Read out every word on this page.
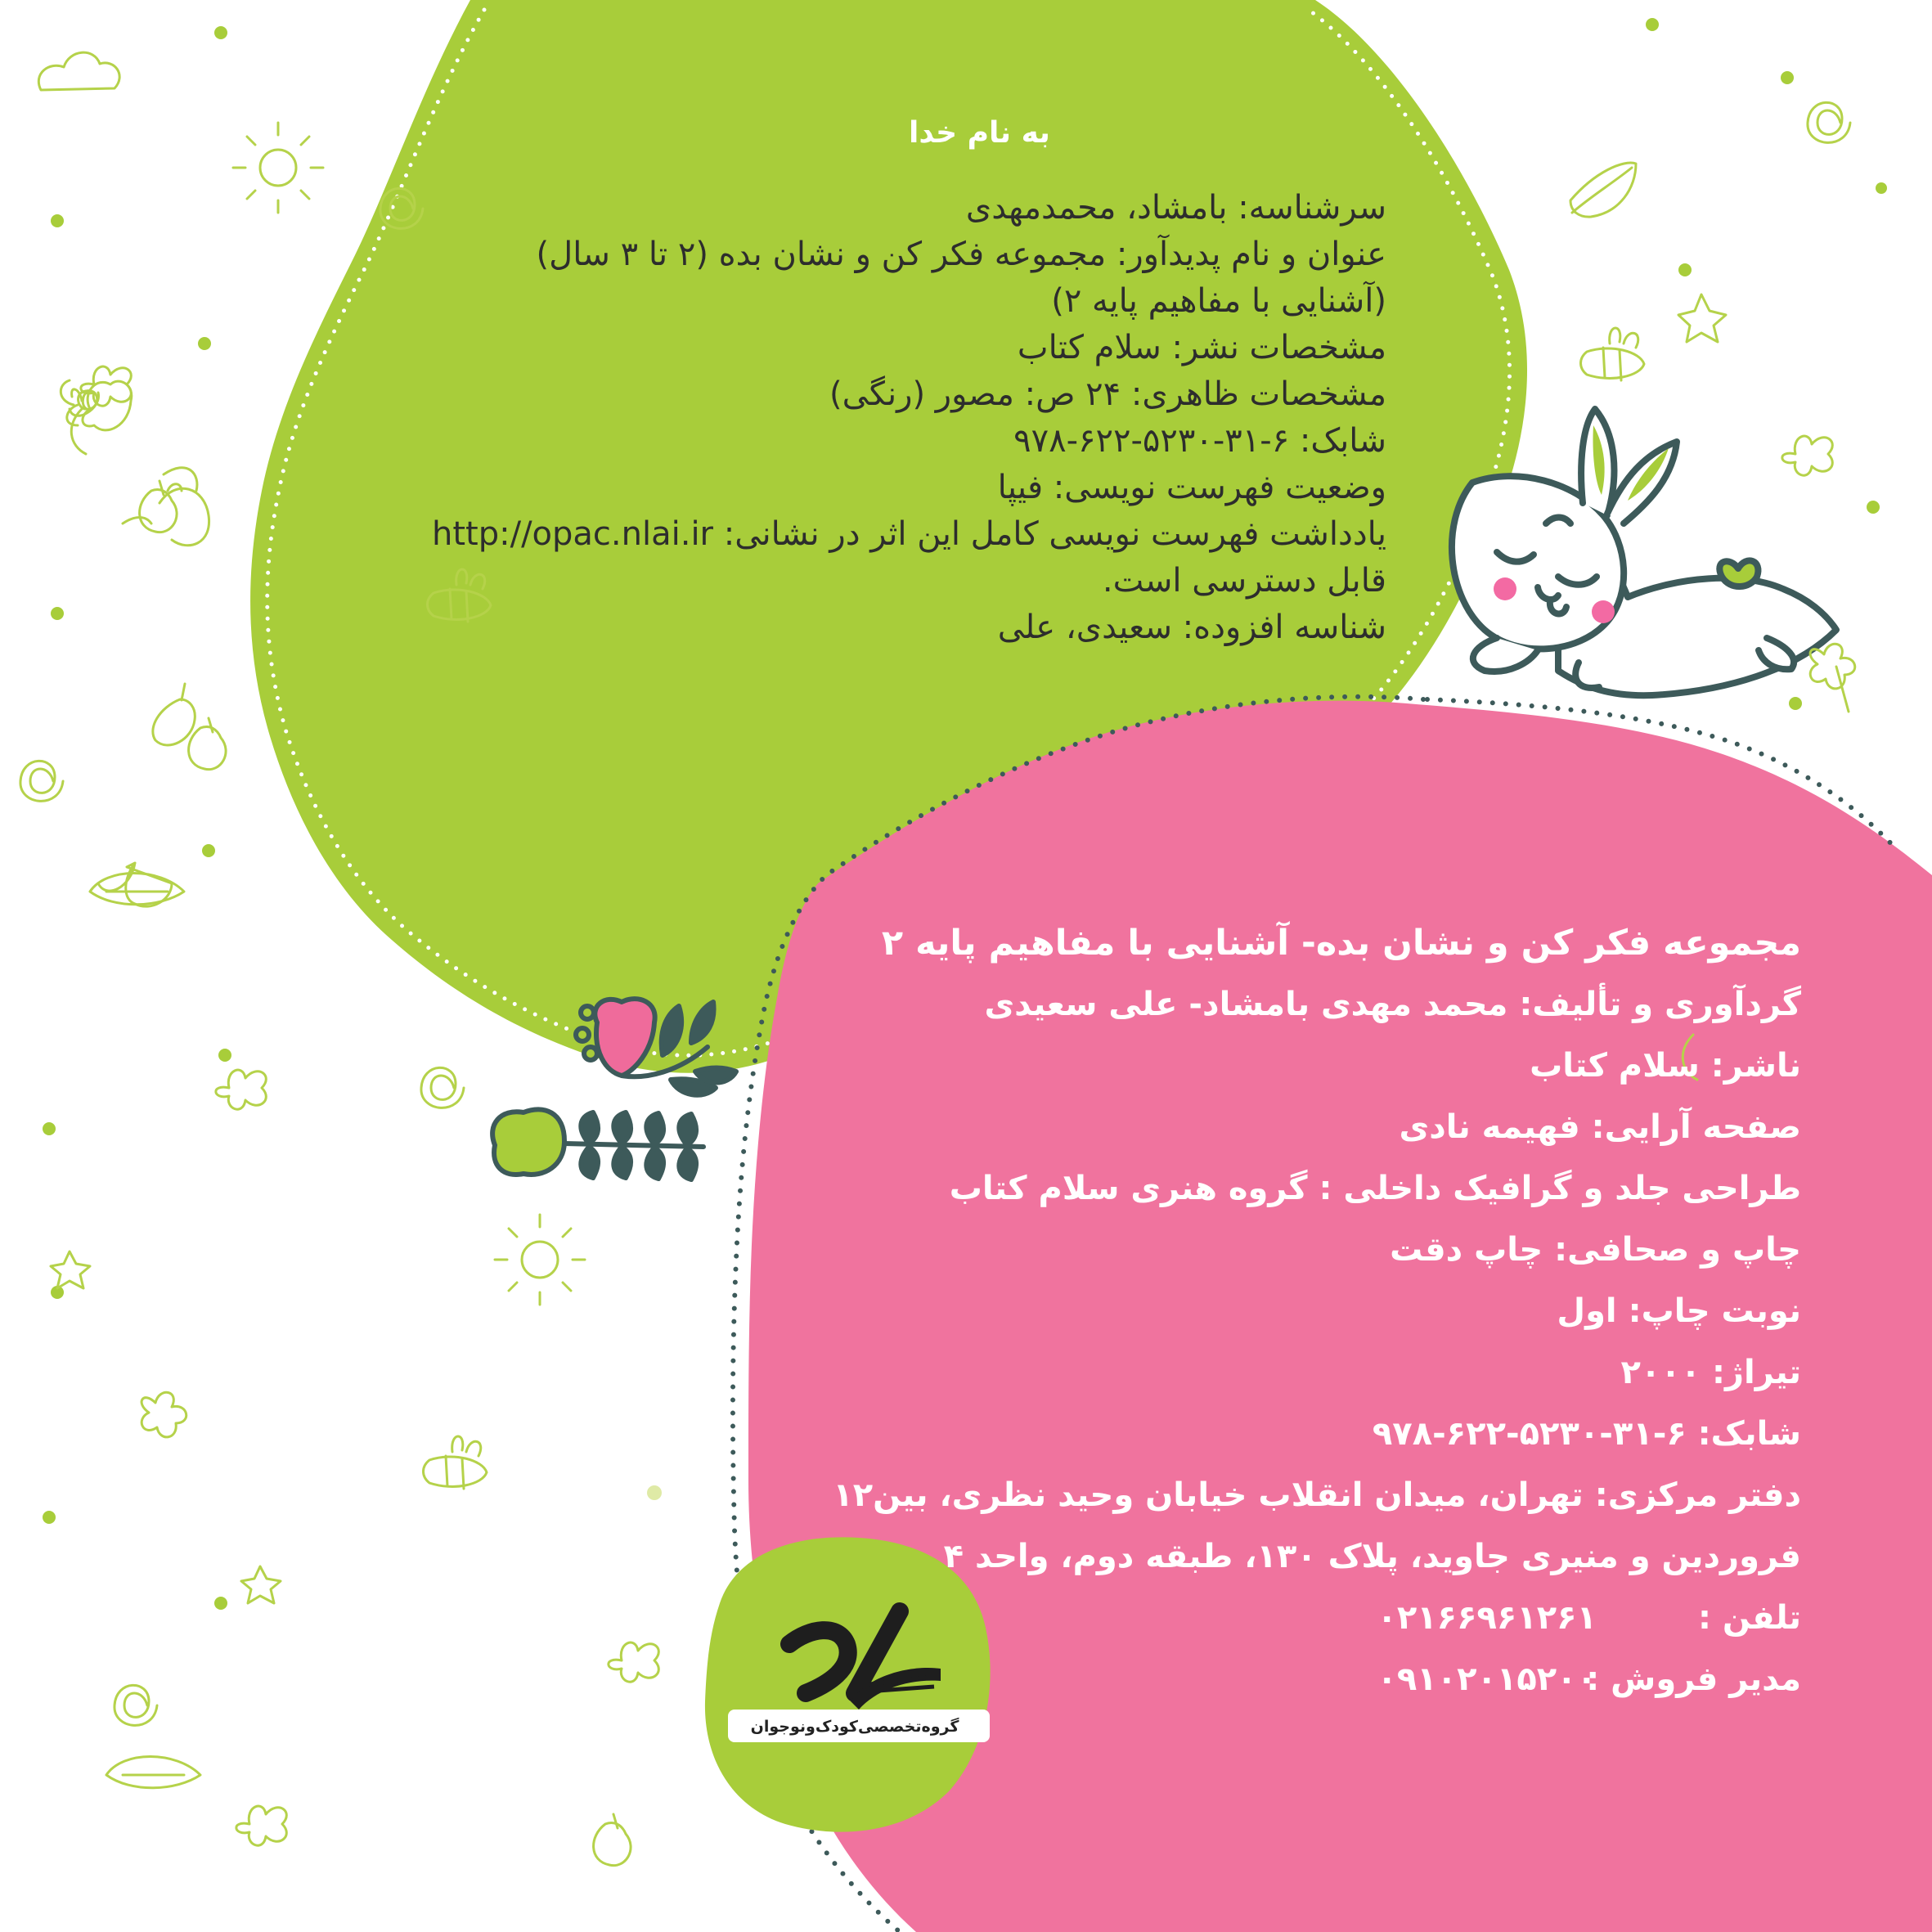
به نام خدا
سرشناسه: بامشاد، محمدمهدی
عنوان و نام پدیدآور: مجموعه فکر کن و نشان بده (۲ تا ۳ سال)
(آشنایی با مفاهیم پایه ۲)
مشخصات نشر: سلام کتاب
مشخصات ظاهری: ۲۴ ص: مصور (رنگی)
شابک: ۶-۳۱-۵۲۳۰-۶۲۲-۹۷۸
وضعیت فهرست نویسی: فیپا
یادداشت فهرست نویسی کامل این اثر در نشانی: http://opac.nlai.ir
قابل دسترسی است.
شناسه افزوده: سعیدی، علی
مجموعه فکر کن و نشان بده- آشنایی با مفاهیم پایه ۲
گردآوری و تألیف: محمد مهدی بامشاد- علی سعیدی
ناشر: سلام کتاب
صفحه آرایی: فهیمه نادی
طراحی جلد و گرافیک داخلی : گروه هنری سلام کتاب
چاپ و صحافی: چاپ دقت
نوبت چاپ: اول
تیراژ: ۲۰۰۰
شابک: ۶-۳۱-۵۲۳۰-۶۲۲-۹۷۸
دفتر مرکزی: تهران، میدان انقلاب خیابان وحید نظری، بین۱۲
فروردین و منیری جاوید، پلاک ۱۳۰، طبقه دوم، واحد ۴
تلفن :
۰۲۱۶۶۹۶۱۲۶۱
مدیر فروش :
۰۹۱۰۲۰۱۵۲۰۰
گروه‌تخصصی‌کودک‌ونوجوان
